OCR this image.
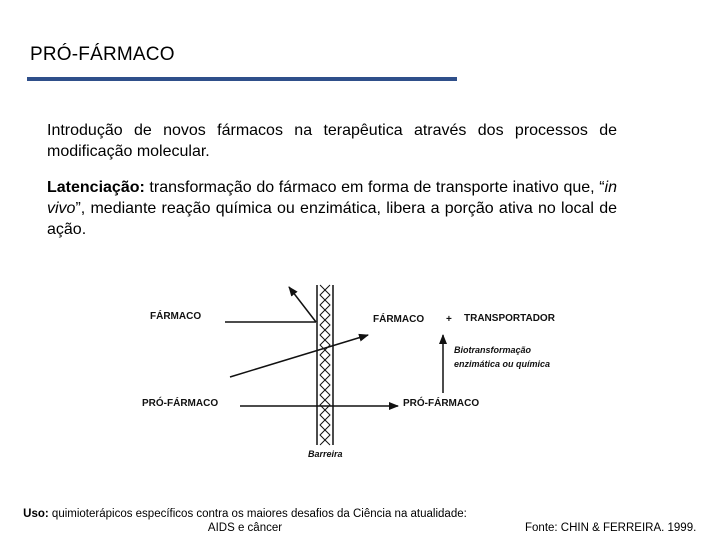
PRÓ-FÁRMACO
Introdução de novos fármacos na terapêutica através dos processos de modificação molecular.
Latenciação: transformação do fármaco em forma de transporte inativo que, “in vivo”, mediante reação química ou enzimática, libera a porção ativa no local de ação.
FÁRMACO
PRÓ-FÁRMACO
FÁRMACO + TRANSPORTADOR
Biotransformação
enzimática ou química
PRÓ-FÁRMACO
Barreira
Uso: quimioterápicos específicos contra os maiores desafios da Ciência na atualidade:
AIDS e câncer	Fonte: CHIN & FERREIRA. 1999.
